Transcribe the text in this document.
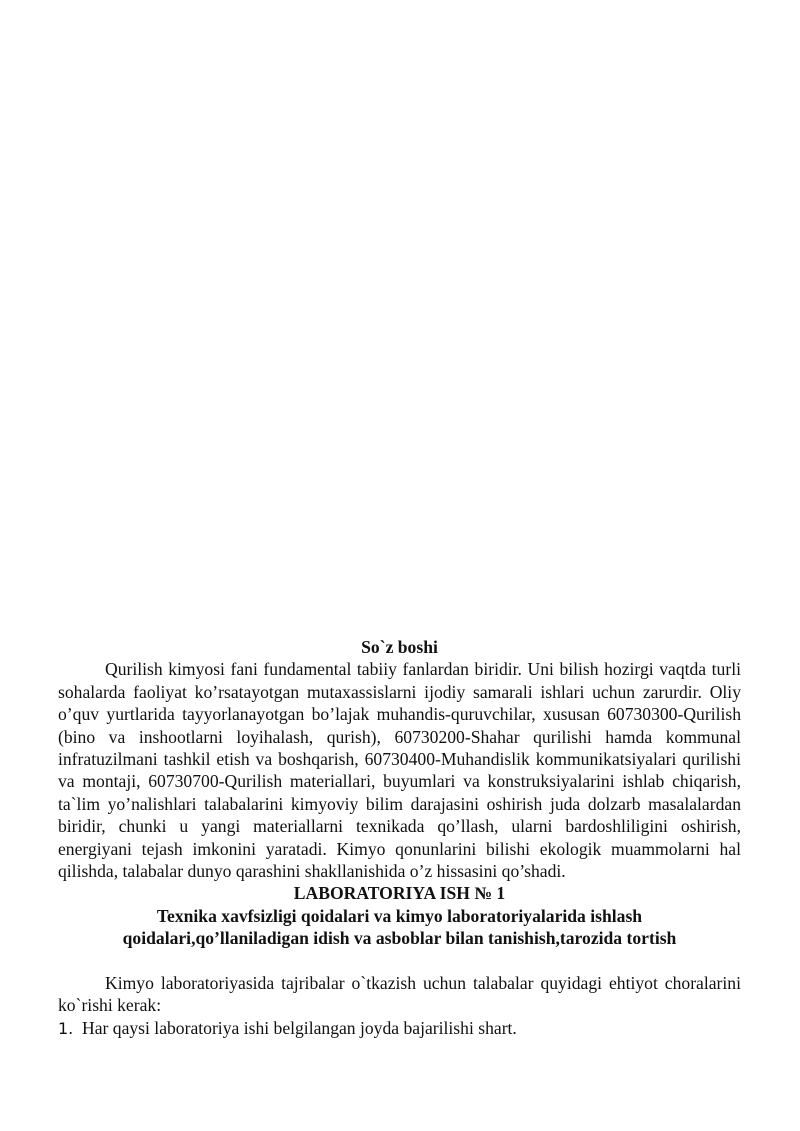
So`z boshi

Qurilish kimyosi fani fundamental tabiiy fanlardan biridir. Uni bilish hozirgi vaqtda turli sohalarda faoliyat ko’rsatayotgan mutaxassislarni ijodiy samarali ishlari uchun zarurdir. Oliy o’quv yurtlarida tayyorlanayotgan bo’lajak muhandis-quruvchilar, xususan 60730300-Qurilish (bino va inshootlarni loyihalash, qurish), 60730200-Shahar qurilishi hamda kommunal infratuzilmani tashkil etish va boshqarish, 60730400-Muhandislik kommunikatsiyalari qurilishi va montaji, 60730700-Qurilish materiallari, buyumlari va konstruksiyalarini ishlab chiqarish, ta`lim yo’nalishlari talabalarini kimyoviy bilim darajasini oshirish juda dolzarb masalalardan biridir, chunki u yangi materiallarni texnikada qo’llash, ularni bardoshliligini oshirish, energiyani tejash imkonini yaratadi. Kimyo qonunlarini bilishi ekologik muammolarni hal qilishda, talabalar dunyo qarashini shakllanishida o’z hissasini qo’shadi.

LABORATORIYA ISH № 1
Texnika xavfsizligi qoidalari va kimyo laboratoriyalarida ishlash
qoidalari,qo’llaniladigan idish va asboblar bilan tanishish,tarozida tortish

Kimyo laboratoriyasida tajribalar o`tkazish uchun talabalar quyidagi ehtiyot choralarini ko`rishi kerak:

1. Har qaysi laboratoriya ishi belgilangan joyda bajarilishi shart.
